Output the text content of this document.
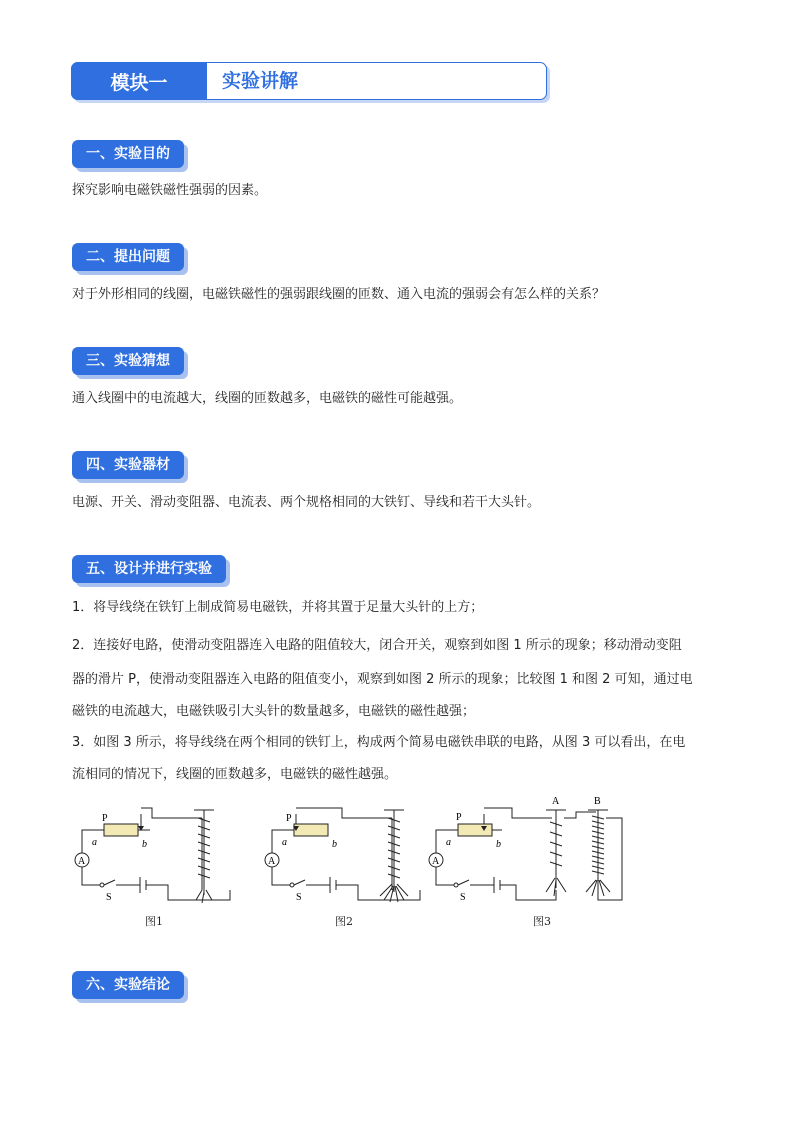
模块一	实验讲解
一、实验目的
探究影响电磁铁磁性强弱的因素。
二、提出问题
对于外形相同的线圈，电磁铁磁性的强弱跟线圈的匝数、通入电流的强弱会有怎么样的关系？
三、实验猜想
通入线圈中的电流越大，线圈的匝数越多，电磁铁的磁性可能越强。
四、实验器材
电源、开关、滑动变阻器、电流表、两个规格相同的大铁钉、导线和若干大头针。
五、设计并进行实验
1．将导线绕在铁钉上制成简易电磁铁，并将其置于足量大头针的上方；
2．连接好电路，使滑动变阻器连入电路的阻值较大，闭合开关，观察到如图 1 所示的现象；移动滑动变阻
器的滑片 P，使滑动变阻器连入电路的阻值变小，观察到如图 2 所示的现象；比较图 1 和图 2 可知，通过电
磁铁的电流越大，电磁铁吸引大头针的数量越多，电磁铁的磁性越强；
3．如图 3 所示，将导线绕在两个相同的铁钉上，构成两个简易电磁铁串联的电路，从图 3 可以看出，在电
流相同的情况下，线圈的匝数越多，电磁铁的磁性越强。
P
a	b
A
S
图1
P
a	b
A
S
图2
P
a	b
A
S
A	B
图3
六、实验结论
